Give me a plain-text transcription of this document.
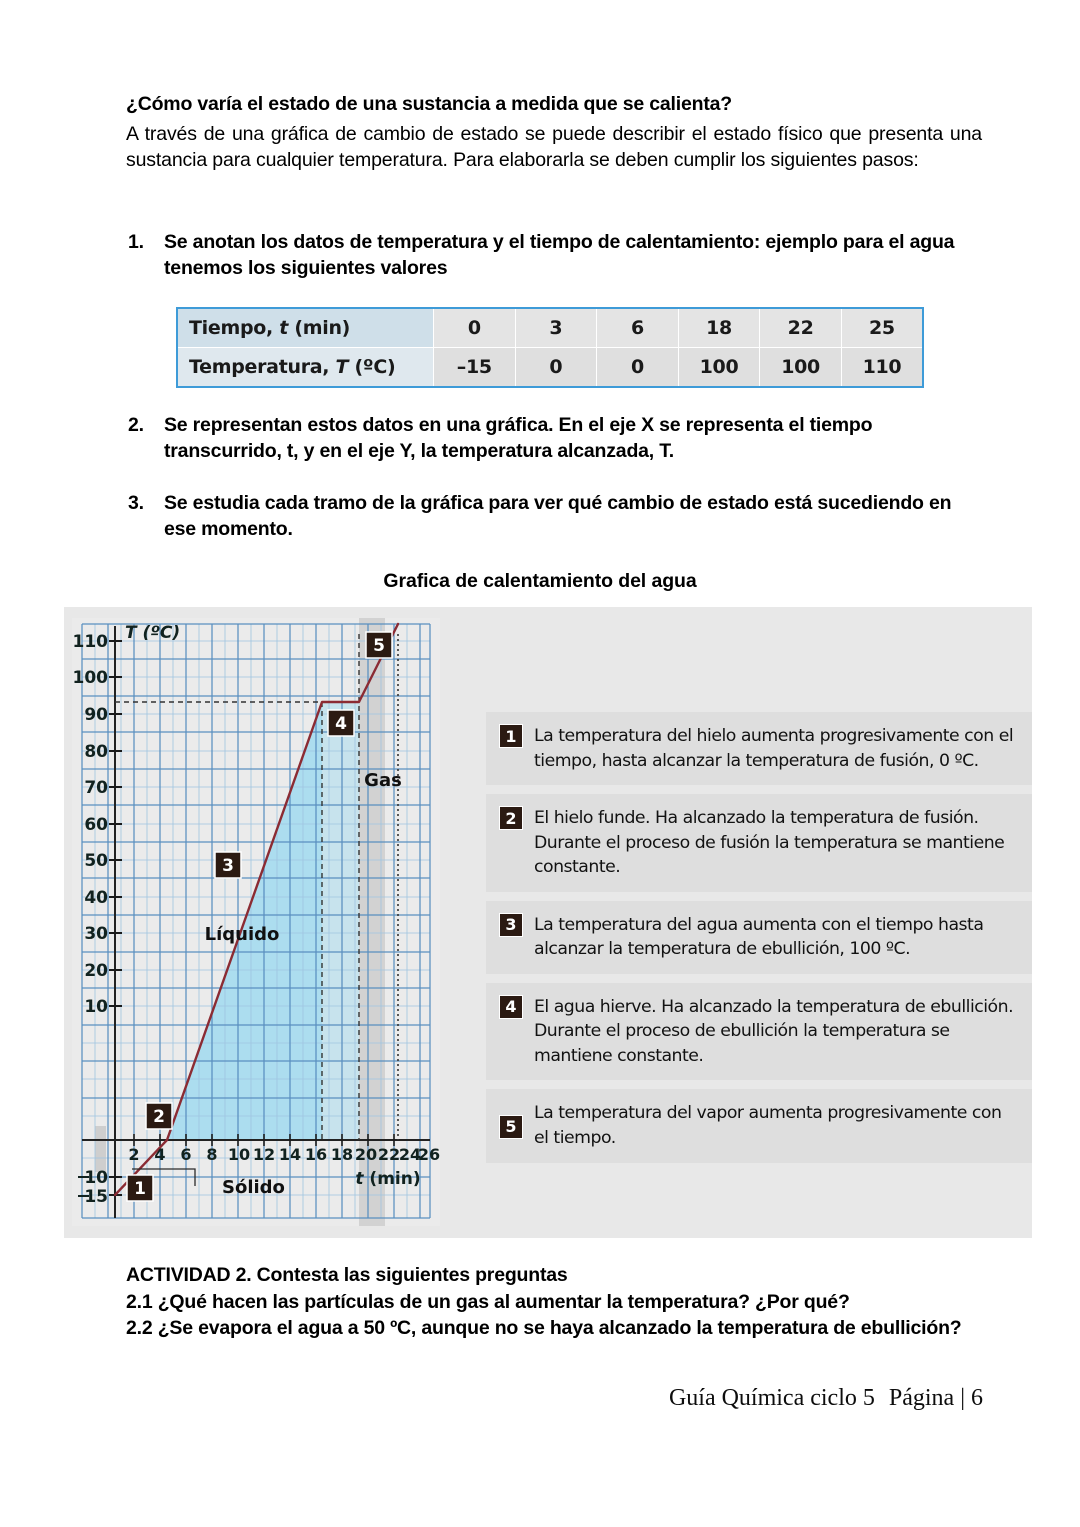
¿Cómo varía el estado de una sustancia a medida que se calienta?
A través de una gráfica de cambio de estado se puede describir el estado físico que presenta una sustancia para cualquier temperatura. Para elaborarla se deben cumplir los siguientes pasos:
1. Se anotan los datos de temperatura y el tiempo de calentamiento: ejemplo para el agua tenemos los siguientes valores
Tiempo, t (min)	0	3	6	18	22	25
Temperatura, T (ºC)	–15	0	0	100	100	110
2. Se representan estos datos en una gráfica. En el eje X se representa el tiempo transcurrido, t, y en el eje Y, la temperatura alcanzada, T.
3. Se estudia cada tramo de la gráfica para ver qué cambio de estado está sucediendo en ese momento.
Grafica de calentamiento del agua
110
100
90
80
70
60
50
40
30
20
10
10
15
2 4 6 8 10 12 14 16 18 20 22
24
26
T (ºC)
t (min)
Sólido
Líquido
Gas
1
2
3
4
5
1	La temperatura del hielo aumenta progresivamente con el tiempo, hasta alcanzar la temperatura de fusión, 0 ºC.
2	El hielo funde. Ha alcanzado la temperatura de fusión. Durante el proceso de fusión la temperatura se mantiene constante.
3	La temperatura del agua aumenta con el tiempo hasta alcanzar la temperatura de ebullición, 100 ºC.
4	El agua hierve. Ha alcanzado la temperatura de ebullición. Durante el proceso de ebullición la temperatura se mantiene constante.
5
La temperatura del vapor aumenta progresivamente con el tiempo.
ACTIVIDAD 2. Contesta las siguientes preguntas
2.1 ¿Qué hacen las partículas de un gas al aumentar la temperatura? ¿Por qué?
2.2 ¿Se evapora el agua a 50 ºC, aunque no se haya alcanzado la temperatura de ebullición?
Guía Química ciclo 5 Página | 6
